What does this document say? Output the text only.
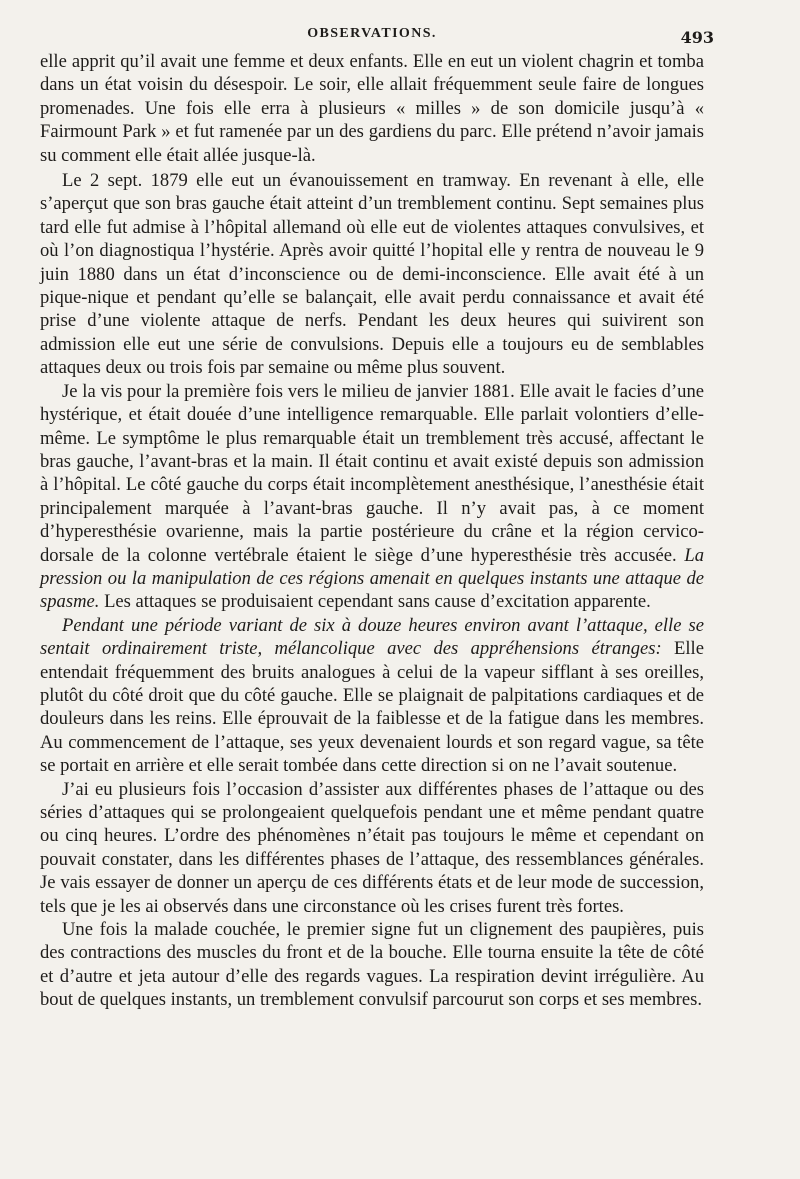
OBSERVATIONS.	493

elle apprit qu’il avait une femme et deux enfants. Elle en eut un violent chagrin et tomba dans un état voisin du désespoir. Le soir, elle allait fréquemment seule faire de longues promenades. Une fois elle erra à plusieurs « milles » de son domicile jusqu’à « Fairmount Park » et fut ramenée par un des gardiens du parc. Elle prétend n’avoir jamais su comment elle était allée jusque-là.

Le 2 sept. 1879 elle eut un évanouissement en tramway. En revenant à elle, elle s’aperçut que son bras gauche était atteint d’un tremblement continu. Sept semaines plus tard elle fut admise à l’hôpital allemand où elle eut de violentes attaques convulsives, et où l’on diagnostiqua l’hystérie. Après avoir quitté l’hopital elle y rentra de nouveau le 9 juin 1880 dans un état d’inconscience ou de demi-inconscience. Elle avait été à un pique-nique et pendant qu’elle se balançait, elle avait perdu connaissance et avait été prise d’une violente attaque de nerfs. Pendant les deux heures qui suivirent son admission elle eut une série de convulsions. Depuis elle a toujours eu de semblables attaques deux ou trois fois par semaine ou même plus souvent.

Je la vis pour la première fois vers le milieu de janvier 1881. Elle avait le facies d’une hystérique, et était douée d’une intelligence remarquable. Elle parlait volontiers d’elle-même. Le symptôme le plus remarquable était un tremblement très accusé, affectant le bras gauche, l’avant-bras et la main. Il était continu et avait existé depuis son admission à l’hôpital. Le côté gauche du corps était incomplètement anesthésique, l’anesthésie était principalement marquée à l’avant-bras gauche. Il n’y avait pas, à ce moment d’hyperesthésie ovarienne, mais la partie postérieure du crâne et la région cervico-dorsale de la colonne vertébrale étaient le siège d’une hyperesthésie très accusée. La pression ou la manipulation de ces régions amenait en quelques instants une attaque de spasme. Les attaques se produisaient cependant sans cause d’excitation apparente.

Pendant une période variant de six à douze heures environ avant l’attaque, elle se sentait ordinairement triste, mélancolique avec des appréhensions étranges: Elle entendait fréquemment des bruits analogues à celui de la vapeur sifflant à ses oreilles, plutôt du côté droit que du côté gauche. Elle se plaignait de palpitations cardiaques et de douleurs dans les reins. Elle éprouvait de la faiblesse et de la fatigue dans les membres. Au commencement de l’attaque, ses yeux devenaient lourds et son regard vague, sa tête se portait en arrière et elle serait tombée dans cette direction si on ne l’avait soutenue.

J’ai eu plusieurs fois l’occasion d’assister aux différentes phases de l’attaque ou des séries d’attaques qui se prolongeaient quelquefois pendant une et même pendant quatre ou cinq heures. L’ordre des phénomènes n’était pas toujours le même et cependant on pouvait constater, dans les différentes phases de l’attaque, des ressemblances générales. Je vais essayer de donner un aperçu de ces différents états et de leur mode de succession, tels que je les ai observés dans une circonstance où les crises furent très fortes.

Une fois la malade couchée, le premier signe fut un clignement des paupières, puis des contractions des muscles du front et de la bouche. Elle tourna ensuite la tête de côté et d’autre et jeta autour d’elle des regards vagues. La respiration devint irrégulière. Au bout de quelques instants, un tremblement convulsif parcourut son corps et ses membres.
